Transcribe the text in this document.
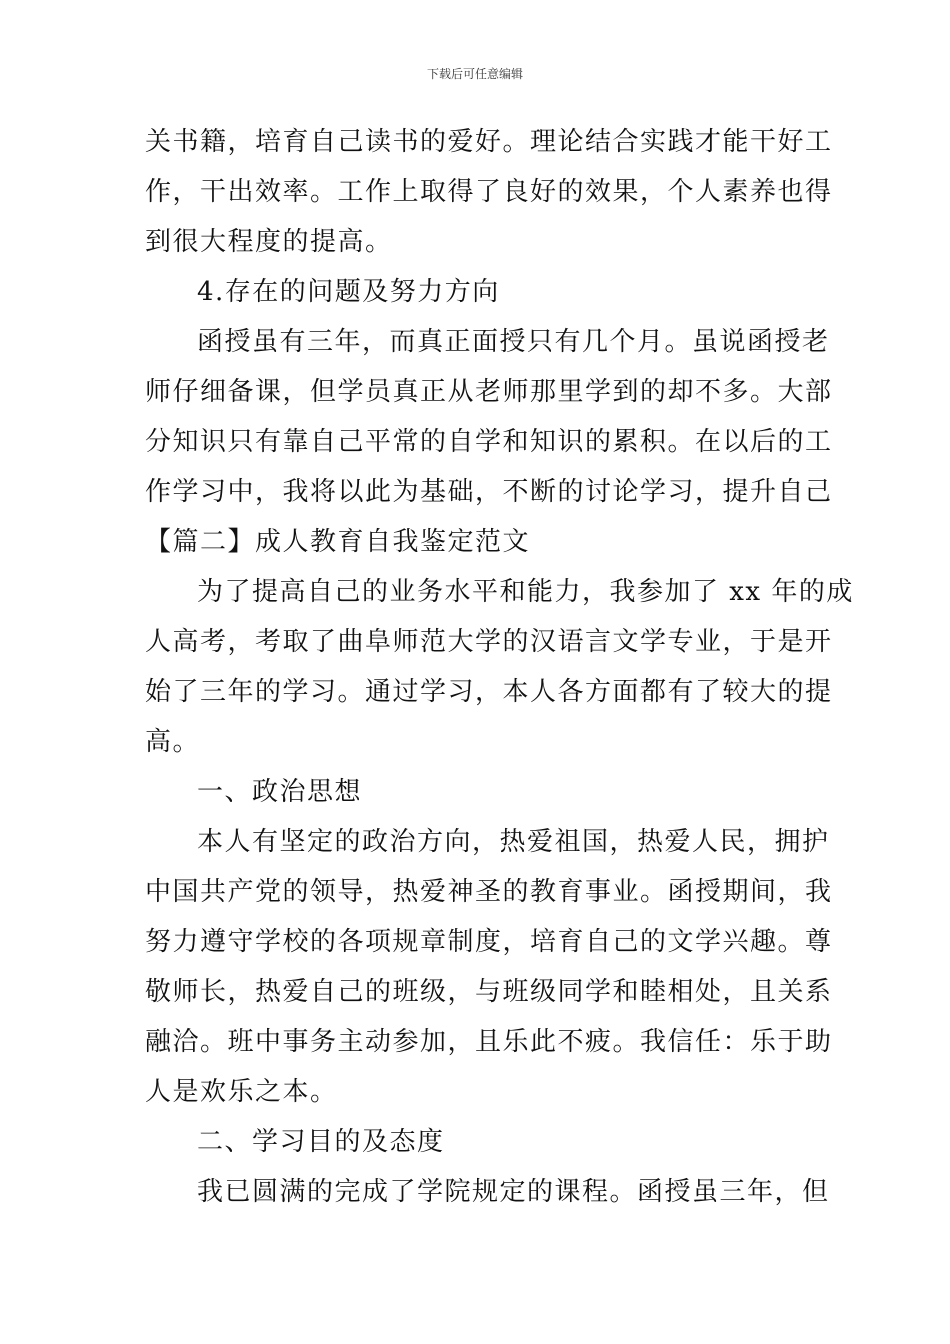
下载后可任意编辑
关书籍，培育自己读书的爱好。理论结合实践才能干好工
作，干出效率。工作上取得了良好的效果，个人素养也得
到很大程度的提高。
4.存在的问题及努力方向
函授虽有三年，而真正面授只有几个月。虽说函授老
师仔细备课，但学员真正从老师那里学到的却不多。大部
分知识只有靠自己平常的自学和知识的累积。在以后的工
作学习中，我将以此为基础，不断的讨论学习，提升自己
【篇二】成人教育自我鉴定范文
为了提高自己的业务水平和能力，我参加了 xx 年的成
人高考，考取了曲阜师范大学的汉语言文学专业，于是开
始了三年的学习。通过学习，本人各方面都有了较大的提
高。
一、政治思想
本人有坚定的政治方向，热爱祖国，热爱人民，拥护
中国共产党的领导，热爱神圣的教育事业。函授期间，我
努力遵守学校的各项规章制度，培育自己的文学兴趣。尊
敬师长，热爱自己的班级，与班级同学和睦相处，且关系
融洽。班中事务主动参加，且乐此不疲。我信任：乐于助
人是欢乐之本。
二、学习目的及态度
我已圆满的完成了学院规定的课程。函授虽三年，但
